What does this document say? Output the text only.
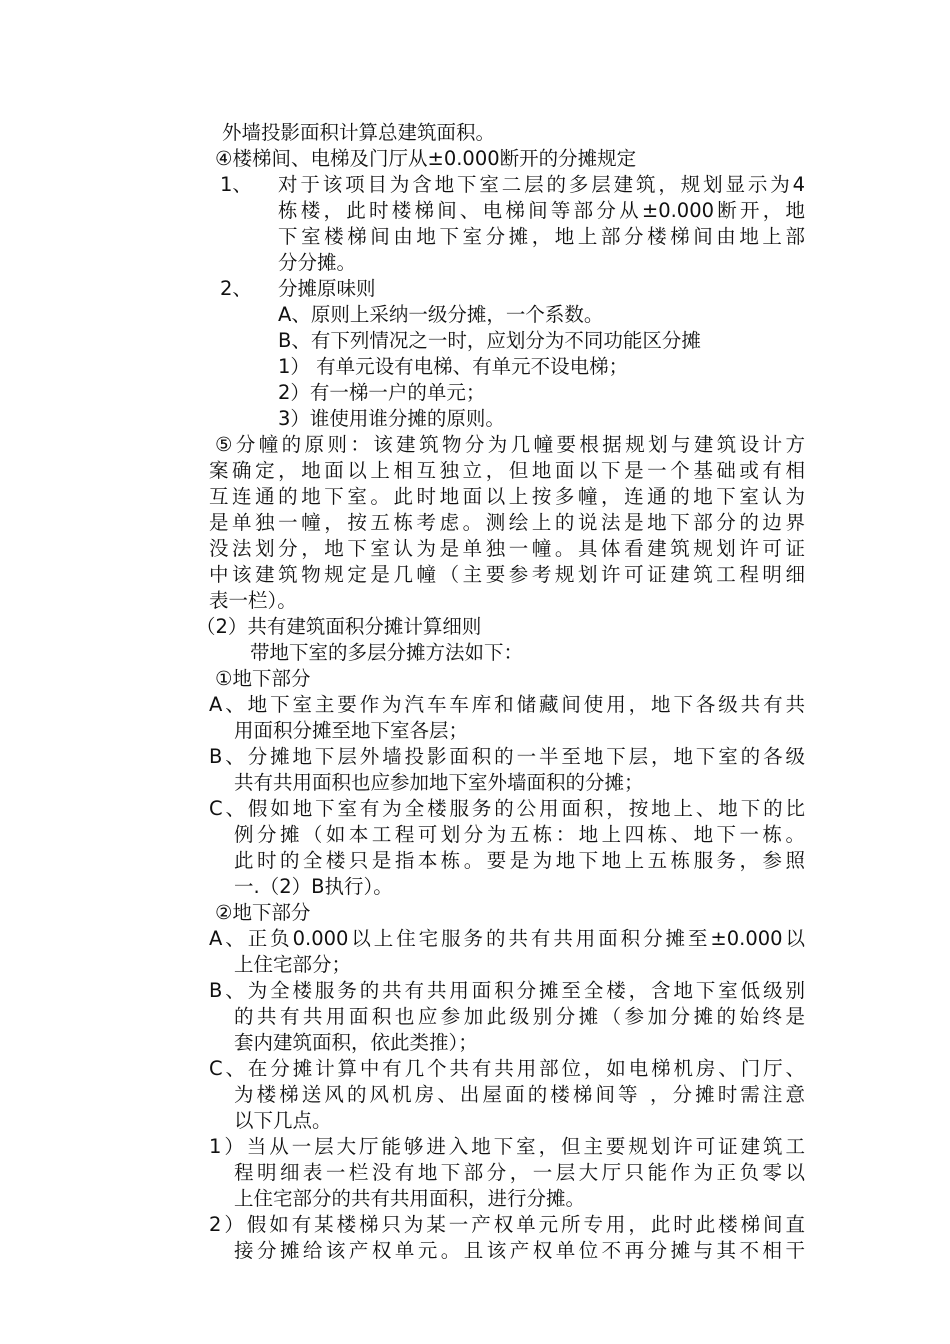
外墙投影面积计算总建筑面积。
④楼梯间、电梯及门厅从±0.000断开的分摊规定
1、 对于该项目为含地下室二层的多层建筑，规划显示为4
栋楼，此时楼梯间、电梯间等部分从±0.000断开，地
下室楼梯间由地下室分摊，地上部分楼梯间由地上部
分分摊。
2、 分摊原味则
A、原则上采纳一级分摊，一个系数。
B、有下列情况之一时，应划分为不同功能区分摊
1） 有单元设有电梯、有单元不设电梯；
2）有一梯一户的单元；
3）谁使用谁分摊的原则。
⑤分幢的原则：该建筑物分为几幢要根据规划与建筑设计方
案确定，地面以上相互独立，但地面以下是一个基础或有相
互连通的地下室。此时地面以上按多幢，连通的地下室认为
是单独一幢，按五栋考虑。测绘上的说法是地下部分的边界
没法划分，地下室认为是单独一幢。具体看建筑规划许可证
中该建筑物规定是几幢（主要参考规划许可证建筑工程明细
表一栏）。
（2）共有建筑面积分摊计算细则
带地下室的多层分摊方法如下：
①地下部分
A、地下室主要作为汽车车库和储藏间使用，地下各级共有共
用面积分摊至地下室各层；
B、分摊地下层外墙投影面积的一半至地下层，地下室的各级
共有共用面积也应参加地下室外墙面积的分摊；
C、假如地下室有为全楼服务的公用面积，按地上、地下的比
例分摊（如本工程可划分为五栋：地上四栋、地下一栋。
此时的全楼只是指本栋。要是为地下地上五栋服务，参照
一.（2）B执行）。
②地下部分
A、正负0.000以上住宅服务的共有共用面积分摊至±0.000以
上住宅部分；
B、为全楼服务的共有共用面积分摊至全楼，含地下室低级别
的共有共用面积也应参加此级别分摊（参加分摊的始终是
套内建筑面积，依此类推）；
C、在分摊计算中有几个共有共用部位，如电梯机房、门厅、
为楼梯送风的风机房、出屋面的楼梯间等 ，分摊时需注意
以下几点。
1）当从一层大厅能够进入地下室，但主要规划许可证建筑工
程明细表一栏没有地下部分，一层大厅只能作为正负零以
上住宅部分的共有共用面积，进行分摊。
2）假如有某楼梯只为某一产权单元所专用，此时此楼梯间直
接分摊给该产权单元。且该产权单位不再分摊与其不相干
